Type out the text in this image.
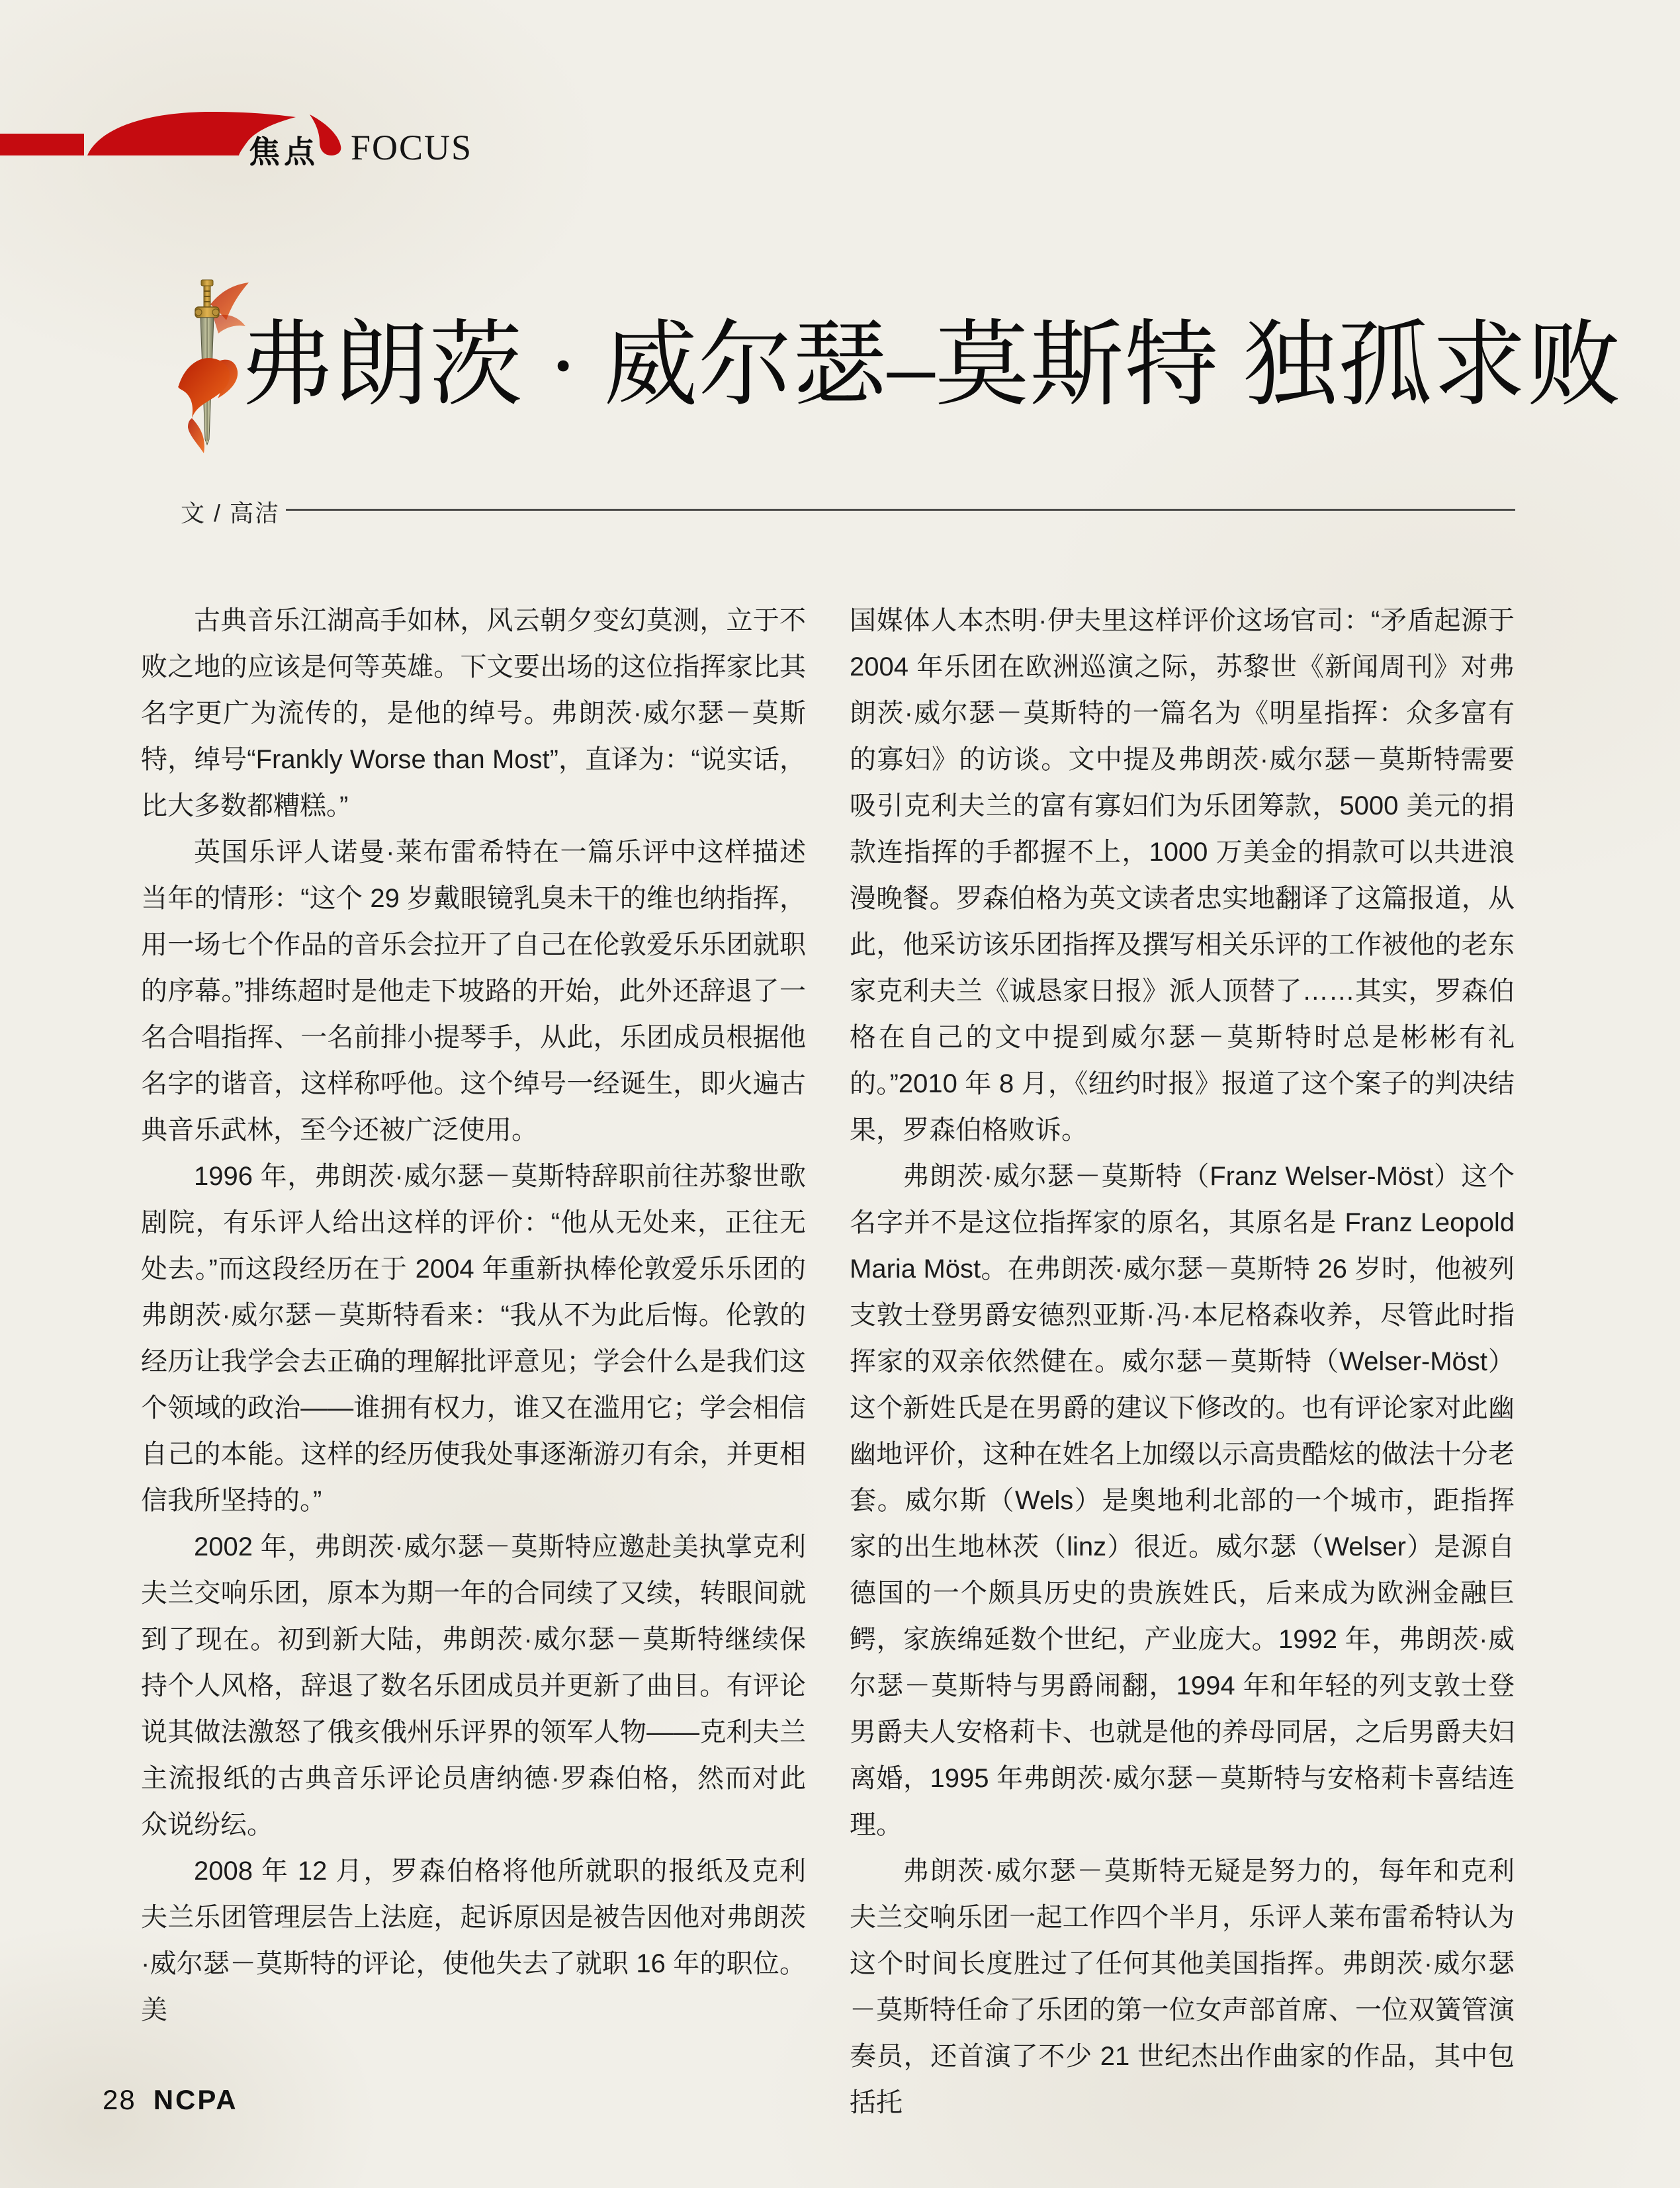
焦点 FOCUS
弗朗茨 · 威尔瑟–莫斯特 独孤求败
文 / 高洁

古典音乐江湖高手如林，风云朝夕变幻莫测，立于不败之地的应该是何等英雄。下文要出场的这位指挥家比其名字更广为流传的，是他的绰号。弗朗茨·威尔瑟－莫斯特，绰号“Frankly Worse than Most”，直译为：“说实话，比大多数都糟糕。”

英国乐评人诺曼·莱布雷希特在一篇乐评中这样描述当年的情形：“这个 29 岁戴眼镜乳臭未干的维也纳指挥，用一场七个作品的音乐会拉开了自己在伦敦爱乐乐团就职的序幕。”排练超时是他走下坡路的开始，此外还辞退了一名合唱指挥、一名前排小提琴手，从此，乐团成员根据他名字的谐音，这样称呼他。这个绰号一经诞生，即火遍古典音乐武林，至今还被广泛使用。

1996 年，弗朗茨·威尔瑟－莫斯特辞职前往苏黎世歌剧院，有乐评人给出这样的评价：“他从无处来，正往无处去。”而这段经历在于 2004 年重新执棒伦敦爱乐乐团的弗朗茨·威尔瑟－莫斯特看来：“我从不为此后悔。伦敦的经历让我学会去正确的理解批评意见；学会什么是我们这个领域的政治——谁拥有权力，谁又在滥用它；学会相信自己的本能。这样的经历使我处事逐渐游刃有余，并更相信我所坚持的。”

2002 年，弗朗茨·威尔瑟－莫斯特应邀赴美执掌克利夫兰交响乐团，原本为期一年的合同续了又续，转眼间就到了现在。初到新大陆，弗朗茨·威尔瑟－莫斯特继续保持个人风格，辞退了数名乐团成员并更新了曲目。有评论说其做法激怒了俄亥俄州乐评界的领军人物——克利夫兰主流报纸的古典音乐评论员唐纳德·罗森伯格，然而对此众说纷纭。

2008 年 12 月，罗森伯格将他所就职的报纸及克利夫兰乐团管理层告上法庭，起诉原因是被告因他对弗朗茨·威尔瑟－莫斯特的评论，使他失去了就职 16 年的职位。美

国媒体人本杰明·伊夫里这样评价这场官司：“矛盾起源于 2004 年乐团在欧洲巡演之际，苏黎世《新闻周刊》对弗朗茨·威尔瑟－莫斯特的一篇名为《明星指挥：众多富有的寡妇》的访谈。文中提及弗朗茨·威尔瑟－莫斯特需要吸引克利夫兰的富有寡妇们为乐团筹款，5000 美元的捐款连指挥的手都握不上，1000 万美金的捐款可以共进浪漫晚餐。罗森伯格为英文读者忠实地翻译了这篇报道，从此，他采访该乐团指挥及撰写相关乐评的工作被他的老东家克利夫兰《诚恳家日报》派人顶替了……其实，罗森伯格在自己的文中提到威尔瑟－莫斯特时总是彬彬有礼的。”2010 年 8 月，《纽约时报》报道了这个案子的判决结果，罗森伯格败诉。

弗朗茨·威尔瑟－莫斯特（Franz Welser-Möst）这个名字并不是这位指挥家的原名，其原名是 Franz Leopold Maria Möst。在弗朗茨·威尔瑟－莫斯特 26 岁时，他被列支敦士登男爵安德烈亚斯·冯·本尼格森收养，尽管此时指挥家的双亲依然健在。威尔瑟－莫斯特（Welser-Möst）这个新姓氏是在男爵的建议下修改的。也有评论家对此幽幽地评价，这种在姓名上加缀以示高贵酷炫的做法十分老套。威尔斯（Wels）是奥地利北部的一个城市，距指挥家的出生地林茨（linz）很近。威尔瑟（Welser）是源自德国的一个颇具历史的贵族姓氏，后来成为欧洲金融巨鳄，家族绵延数个世纪，产业庞大。1992 年，弗朗茨·威尔瑟－莫斯特与男爵闹翻，1994 年和年轻的列支敦士登男爵夫人安格莉卡、也就是他的养母同居，之后男爵夫妇离婚，1995 年弗朗茨·威尔瑟－莫斯特与安格莉卡喜结连理。

弗朗茨·威尔瑟－莫斯特无疑是努力的，每年和克利夫兰交响乐团一起工作四个半月，乐评人莱布雷希特认为这个时间长度胜过了任何其他美国指挥。弗朗茨·威尔瑟－莫斯特任命了乐团的第一位女声部首席、一位双簧管演奏员，还首演了不少 21 世纪杰出作曲家的作品，其中包括托

28 NCPA
